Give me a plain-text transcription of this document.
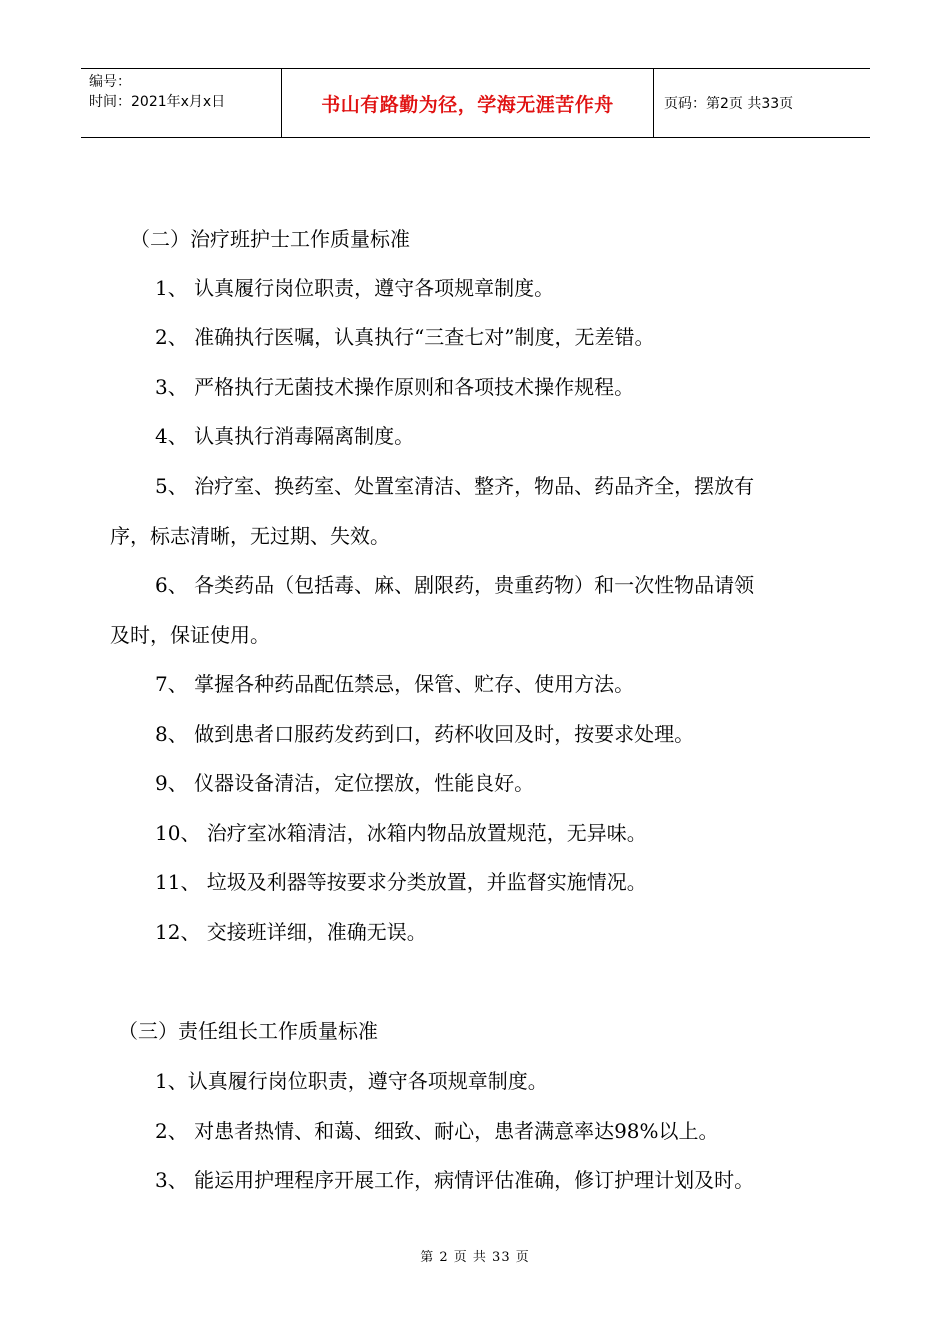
编号：
时间：2021年x月x日	书山有路勤为径，学海无涯苦作舟	页码：第2页 共33页
（二）治疗班护士工作质量标准
1、 认真履行岗位职责，遵守各项规章制度。
2、 准确执行医嘱，认真执行“三查七对”制度，无差错。
3、 严格执行无菌技术操作原则和各项技术操作规程。
4、 认真执行消毒隔离制度。
5、 治疗室、换药室、处置室清洁、整齐，物品、药品齐全，摆放有
序，标志清晰，无过期、失效。
6、 各类药品（包括毒、麻、剧限药，贵重药物）和一次性物品请领
及时，保证使用。
7、 掌握各种药品配伍禁忌，保管、贮存、使用方法。
8、 做到患者口服药发药到口，药杯收回及时，按要求处理。
9、 仪器设备清洁，定位摆放，性能良好。
10、 治疗室冰箱清洁，冰箱内物品放置规范，无异味。
11、 垃圾及利器等按要求分类放置，并监督实施情况。
12、 交接班详细，准确无误。
（三）责任组长工作质量标准
1、认真履行岗位职责，遵守各项规章制度。
2、 对患者热情、和蔼、细致、耐心，患者满意率达98%以上。
3、 能运用护理程序开展工作，病情评估准确，修订护理计划及时。
第 2 页 共 33 页
